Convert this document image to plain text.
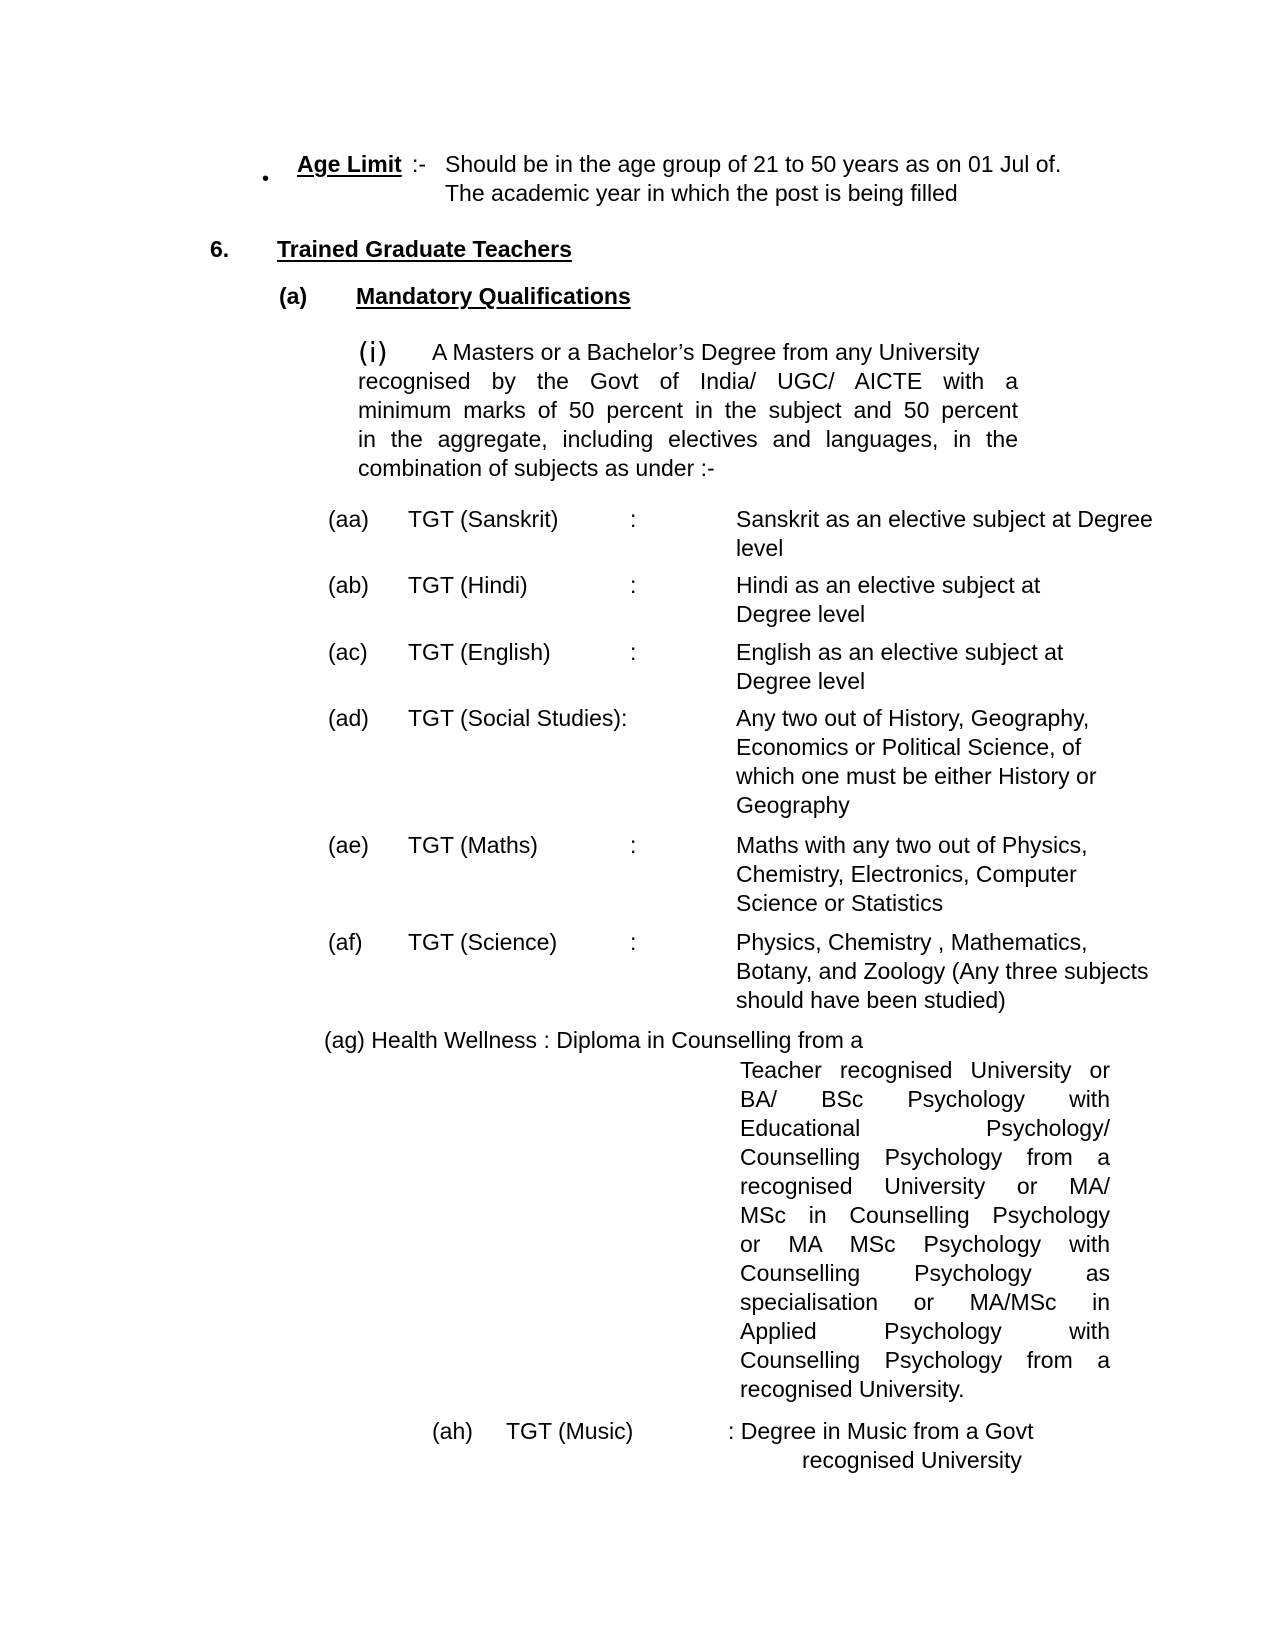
•
Age Limit :- Should be in the age group of 21 to 50 years as on 01 Jul of.
The academic year in which the post is being filled
6. Trained Graduate Teachers
(a) Mandatory Qualifications
(i) A Masters or a Bachelor’s Degree from any University
recognised by the Govt of India/ UGC/ AICTE with a
minimum marks of 50 percent in the subject and 50 percent
in the aggregate, including electives and languages, in the
combination of subjects as under :-
(aa) TGT (Sanskrit)	:	Sanskrit as an elective subject at Degree
level
(ab) TGT (Hindi)	:	Hindi as an elective subject at
Degree level
(ac) TGT (English)	:	English as an elective subject at
Degree level
(ad) TGT (Social Studies):	Any two out of History, Geography,
Economics or Political Science, of
which one must be either History or
Geography
(ae) TGT (Maths)	:	Maths with any two out of Physics,
Chemistry, Electronics, Computer
Science or Statistics
(af) TGT (Science)	:	Physics, Chemistry , Mathematics,
Botany, and Zoology (Any three subjects
should have been studied)
(ag) Health Wellness : Diploma in Counselling from a
Teacher recognised University or
BA/ BSc Psychology with
Educational Psychology/
Counselling Psychology from a
recognised University or MA/
MSc in Counselling Psychology
or MA MSc Psychology with
Counselling Psychology as
specialisation or MA/MSc in
Applied Psychology with
Counselling Psychology from a
recognised University.
(ah) TGT (Music)	: Degree in Music from a Govt
recognised University
